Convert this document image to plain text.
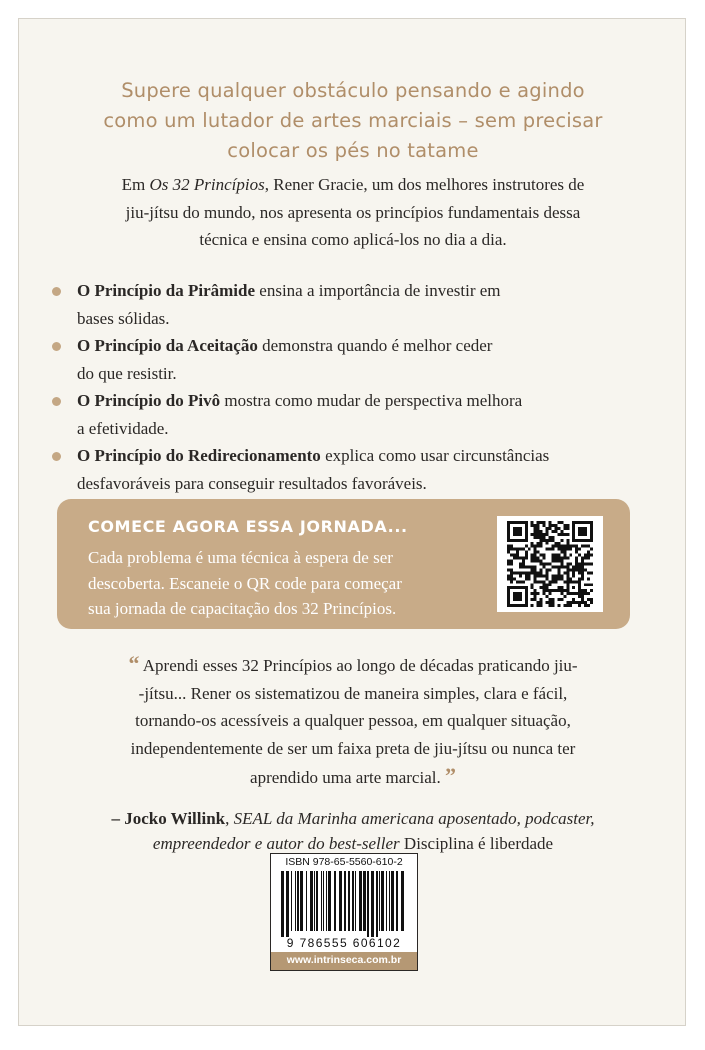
Supere qualquer obstáculo pensando e agindo
como um lutador de artes marciais – sem precisar
colocar os pés no tatame
Em Os 32 Princípios, Rener Gracie, um dos melhores instrutores de
jiu-jítsu do mundo, nos apresenta os princípios fundamentais dessa
técnica e ensina como aplicá-los no dia a dia.
O Princípio da Pirâmide ensina a importância de investir em
bases sólidas.
O Princípio da Aceitação demonstra quando é melhor ceder
do que resistir.
O Princípio do Pivô mostra como mudar de perspectiva melhora
a efetividade.
O Princípio do Redirecionamento explica como usar circunstâncias
desfavoráveis para conseguir resultados favoráveis.
COMECE AGORA ESSA JORNADA...
Cada problema é uma técnica à espera de ser
descoberta. Escaneie o QR code para começar
sua jornada de capacitação dos 32 Princípios.
“ Aprendi esses 32 Princípios ao longo de décadas praticando jiu-
-jítsu... Rener os sistematizou de maneira simples, clara e fácil,
tornando-os acessíveis a qualquer pessoa, em qualquer situação,
independentemente de ser um faixa preta de jiu-jítsu ou nunca ter
aprendido uma arte marcial. ”
– Jocko Willink, SEAL da Marinha americana aposentado, podcaster,
empreendedor e autor do best-seller Disciplina é liberdade
ISBN 978-65-5560-610-2
9 786555 606102
www.intrinseca.com.br
